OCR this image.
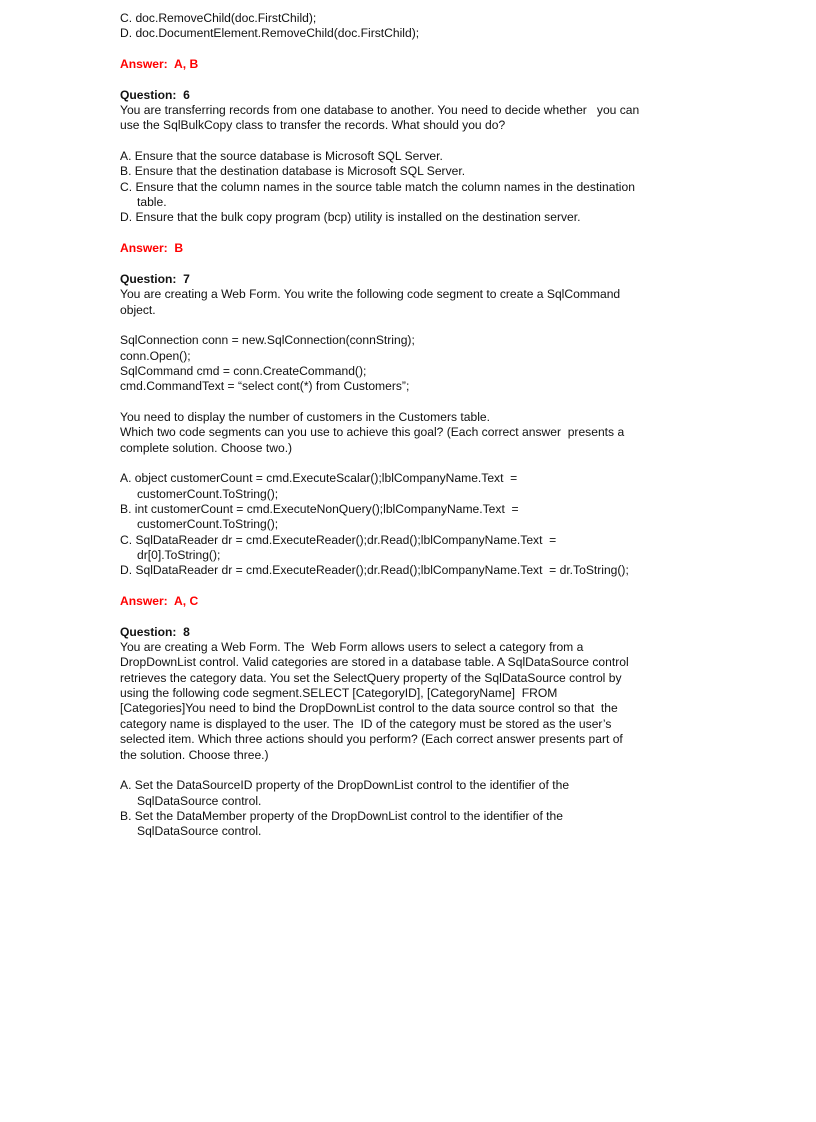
C. doc.RemoveChild(doc.FirstChild);
D. doc.DocumentElement.RemoveChild(doc.FirstChild);
Answer:  A, B
Question:  6
You are transferring records from one database to another. You need to decide whether   you can
use the SqlBulkCopy class to transfer the records. What should you do?
A. Ensure that the source database is Microsoft SQL Server.
B. Ensure that the destination database is Microsoft SQL Server.
C. Ensure that the column names in the source table match the column names in the destination
table.
D. Ensure that the bulk copy program (bcp) utility is installed on the destination server.
Answer:  B
Question:  7
You are creating a Web Form. You write the following code segment to create a SqlCommand
object.
SqlConnection conn = new.SqlConnection(connString);
conn.Open();
SqlCommand cmd = conn.CreateCommand();
cmd.CommandText = “select cont(*) from Customers”;
You need to display the number of customers in the Customers table.
Which two code segments can you use to achieve this goal? (Each correct answer  presents a
complete solution. Choose two.)
A. object customerCount = cmd.ExecuteScalar();lblCompanyName.Text  =
customerCount.ToString();
B. int customerCount = cmd.ExecuteNonQuery();lblCompanyName.Text  =
customerCount.ToString();
C. SqlDataReader dr = cmd.ExecuteReader();dr.Read();lblCompanyName.Text  =
dr[0].ToString();
D. SqlDataReader dr = cmd.ExecuteReader();dr.Read();lblCompanyName.Text  = dr.ToString();
Answer:  A, C
Question:  8
You are creating a Web Form. The  Web Form allows users to select a category from a
DropDownList control. Valid categories are stored in a database table. A SqlDataSource control
retrieves the category data. You set the SelectQuery property of the SqlDataSource control by
using the following code segment.SELECT [CategoryID], [CategoryName]  FROM
[Categories]You need to bind the DropDownList control to the data source control so that  the
category name is displayed to the user. The  ID of the category must be stored as the user’s
selected item. Which three actions should you perform? (Each correct answer presents part of
the solution. Choose three.)
A. Set the DataSourceID property of the DropDownList control to the identifier of the
SqlDataSource control.
B. Set the DataMember property of the DropDownList control to the identifier of the
SqlDataSource control.
